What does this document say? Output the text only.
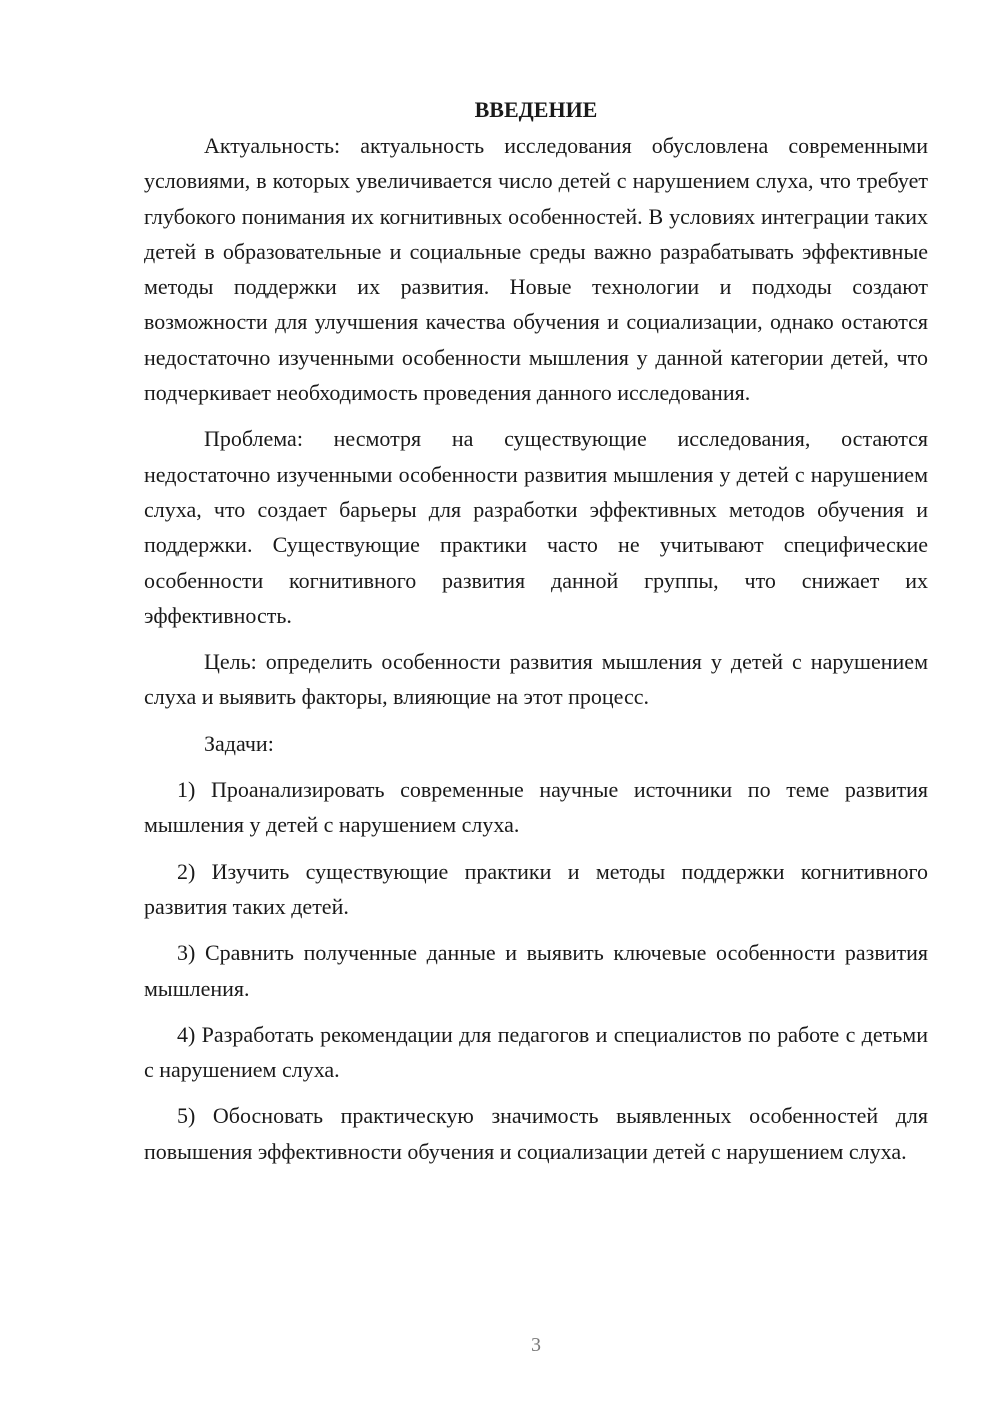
ВВЕДЕНИЕ

Актуальность: актуальность исследования обусловлена современными условиями, в которых увеличивается число детей с нарушением слуха, что требует глубокого понимания их когнитивных особенностей. В условиях интеграции таких детей в образовательные и социальные среды важно разрабатывать эффективные методы поддержки их развития. Новые технологии и подходы создают возможности для улучшения качества обучения и социализации, однако остаются недостаточно изученными особенности мышления у данной категории детей, что подчеркивает необходимость проведения данного исследования.

Проблема: несмотря на существующие исследования, остаются недостаточно изученными особенности развития мышления у детей с нарушением слуха, что создает барьеры для разработки эффективных методов обучения и поддержки. Существующие практики часто не учитывают специфические особенности когнитивного развития данной группы, что снижает их эффективность.

Цель: определить особенности развития мышления у детей с нарушением слуха и выявить факторы, влияющие на этот процесс.

Задачи:

1) Проанализировать современные научные источники по теме развития мышления у детей с нарушением слуха.

2) Изучить существующие практики и методы поддержки когнитивного развития таких детей.

3) Сравнить полученные данные и выявить ключевые особенности развития мышления.

4) Разработать рекомендации для педагогов и специалистов по работе с детьми с нарушением слуха.

5) Обосновать практическую значимость выявленных особенностей для повышения эффективности обучения и социализации детей с нарушением слуха.

3
